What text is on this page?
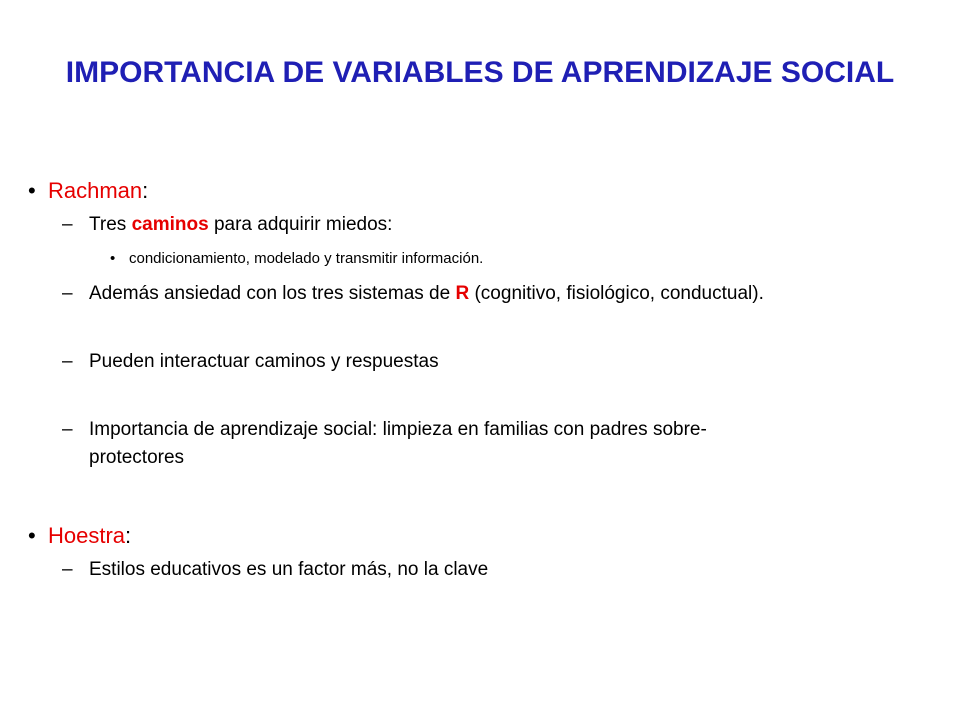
IMPORTANCIA DE VARIABLES DE APRENDIZAJE SOCIAL
• Rachman:
– Tres caminos para adquirir miedos:
• condicionamiento, modelado y transmitir información.
– Además ansiedad con los tres sistemas de R (cognitivo, fisiológico, conductual).
– Pueden interactuar caminos y respuestas
– Importancia de aprendizaje social: limpieza en familias con padres sobre-
protectores
• Hoestra:
– Estilos educativos es un factor más, no la clave
